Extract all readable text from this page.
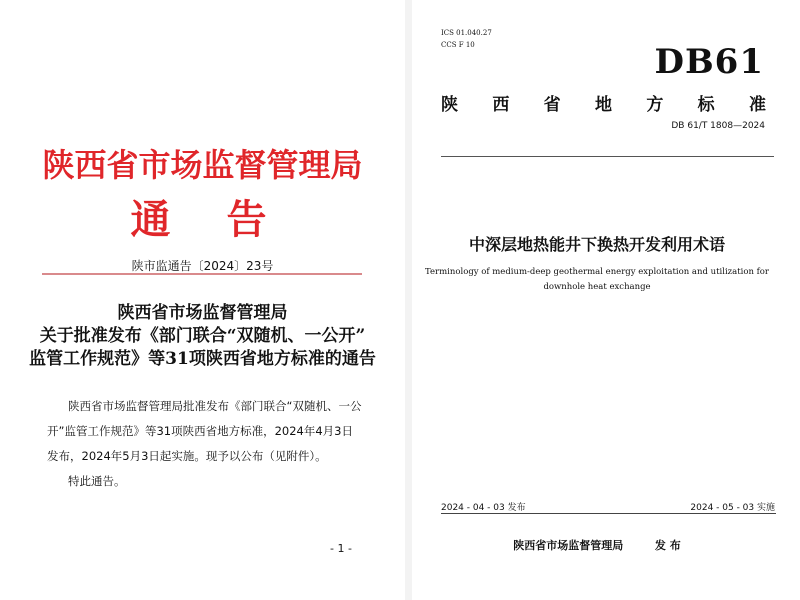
陕西省市场监督管理局
通　告
陕市监通告〔2024〕23号
陕西省市场监督管理局
关于批准发布《部门联合“双随机、一公开”
监管工作规范》等31项陕西省地方标准的通告
陕西省市场监督管理局批准发布《部门联合“双随机、一公
开”监管工作规范》等31项陕西省地方标准，2024年4月3日
发布，2024年5月3日起实施。现予以公布（见附件）。
特此通告。
- 1 -
ICS 01.040.27
CCS F 10	DB61
陕 西 省 地 方 标 准
DB 61/T 1808—2024
中深层地热能井下换热开发利用术语
Terminology of medium-deep geothermal energy exploitation and utilization for
downhole heat exchange
2024 - 04 - 03 发布	2024 - 05 - 03 实施
陕西省市场监督管理局	发 布
